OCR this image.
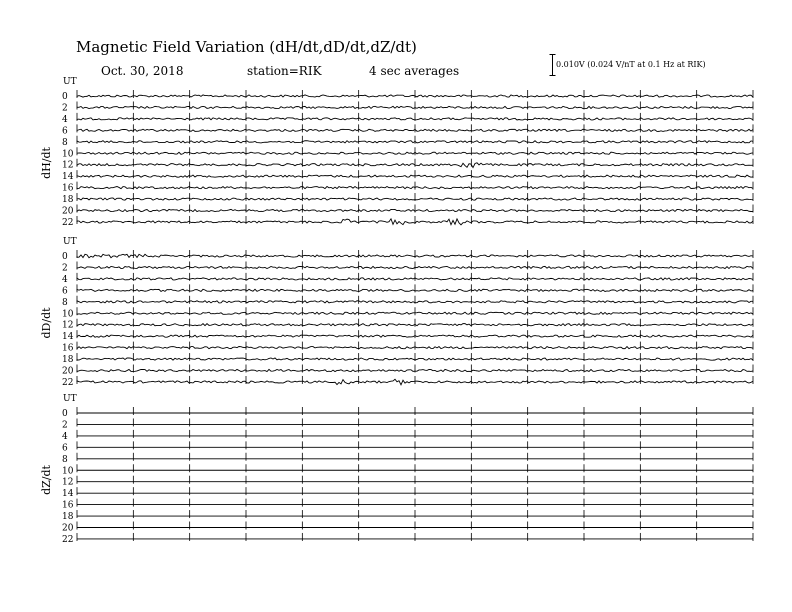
Magnetic Field Variation (dH/dt,dD/dt,dZ/dt)
Oct. 30, 2018	station=RIK	4 sec averages	0.010V (0.024 V/nT at 0.1 Hz at RIK)
UT
dH/dt
0
2
4
6
8
10
12
14
16
18
20
22
UT
dD/dt
0
2
4
6
8
10
12
14
16
18
20
22
UT
dZ/dt
0
2
4
6
8
10
12
14
16
18
20
22
